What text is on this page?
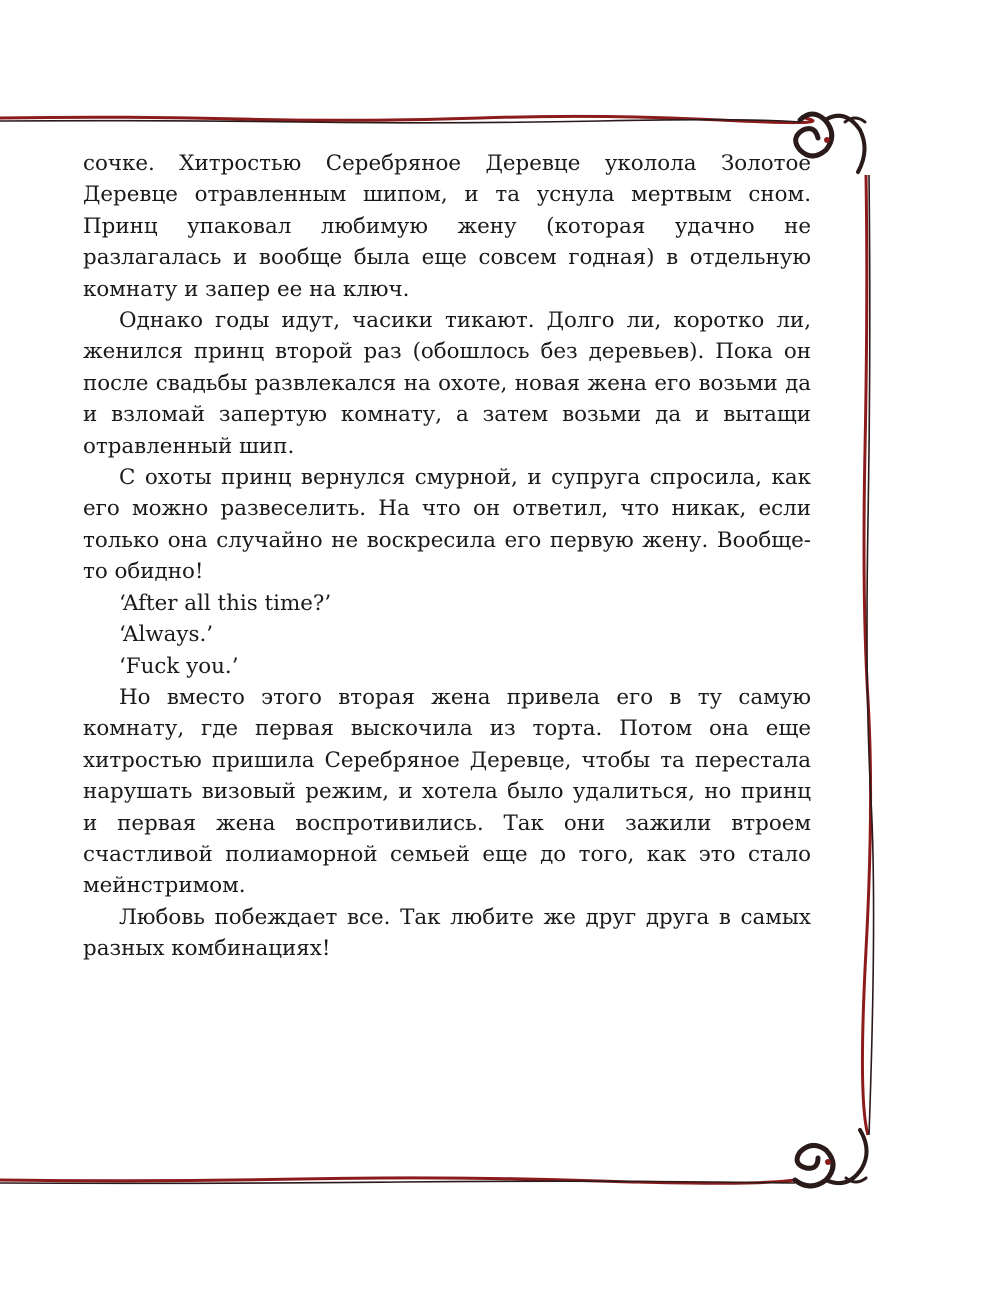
сочке. Хитростью Серебряное Деревце уколола Золотое Деревце отравленным шипом, и та уснула мертвым сном. Принц упаковал любимую жену (которая удачно не разлагалась и вообще была еще совсем годная) в отдельную комнату и запер ее на ключ.

Однако годы идут, часики тикают. Долго ли, коротко ли, женился принц второй раз (обошлось без деревьев). Пока он после свадьбы развлекался на охоте, новая жена его возьми да и взломай запертую комнату, а затем возьми да и вытащи отравленный шип.

С охоты принц вернулся смурной, и супруга спросила, как его можно развеселить. На что он ответил, что никак, если только она случайно не воскресила его первую жену. Вообще-то обидно!

‘After all this time?’

‘Always.’

‘Fuck you.’

Но вместо этого вторая жена привела его в ту самую комнату, где первая выскочила из торта. Потом она еще хитростью пришила Серебряное Деревце, чтобы та перестала нарушать визовый режим, и хотела было удалиться, но принц и первая жена воспротивились. Так они зажили втроем счастливой полиаморной семьей еще до того, как это стало мейнстримом.

Любовь побеждает все. Так любите же друг друга в самых разных комбинациях!
